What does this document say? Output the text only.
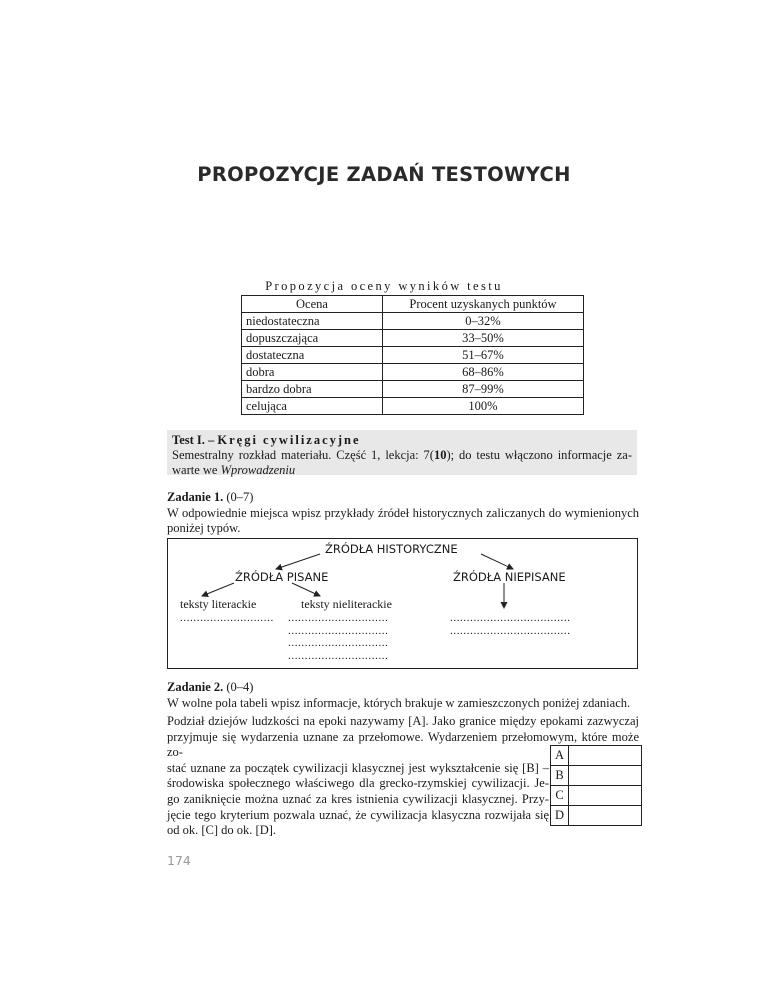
PROPOZYCJE ZADAŃ TESTOWYCH
Propozycja oceny wyników testu
Ocena	Procent uzyskanych punktów
niedostateczna	0–32%
dopuszczająca	33–50%
dostateczna	51–67%
dobra	68–86%
bardzo dobra	87–99%
celująca	100%
Test I. – Kręgi cywilizacyjne
Semestralny rozkład materiału. Część 1, lekcja: 7(10); do testu włączono informacje za-
warte we Wprowadzeniu
Zadanie 1. (0–7)
W odpowiednie miejsca wpisz przykłady źródeł historycznych zaliczanych do wymienionych poniżej typów.
ŹRÓDŁA HISTORYCZNE
ŹRÓDŁA PISANE	ŹRÓDŁA NIEPISANE
teksty literackie	teksty nieliterackie
............................ ..............................
..............................
..............................
..............................
....................................
....................................
Zadanie 2. (0–4)
W wolne pola tabeli wpisz informacje, których brakuje w zamieszczonych poniżej zdaniach.
Podział dziejów ludzkości na epoki nazywamy [A]. Jako granice między epokami zazwyczaj
przyjmuje się wydarzenia uznane za przełomowe. Wydarzeniem przełomowym, które może zo-
stać uznane za początek cywilizacji klasycznej jest wykształcenie się [B] –
środowiska społecznego właściwego dla grecko-rzymskiej cywilizacji. Je-
go zaniknięcie można uznać za kres istnienia cywilizacji klasycznej. Przy-
jęcie tego kryterium pozwala uznać, że cywilizacja klasyczna rozwijała się
od ok. [C] do ok. [D].
A	
B	
C	
D	
174
